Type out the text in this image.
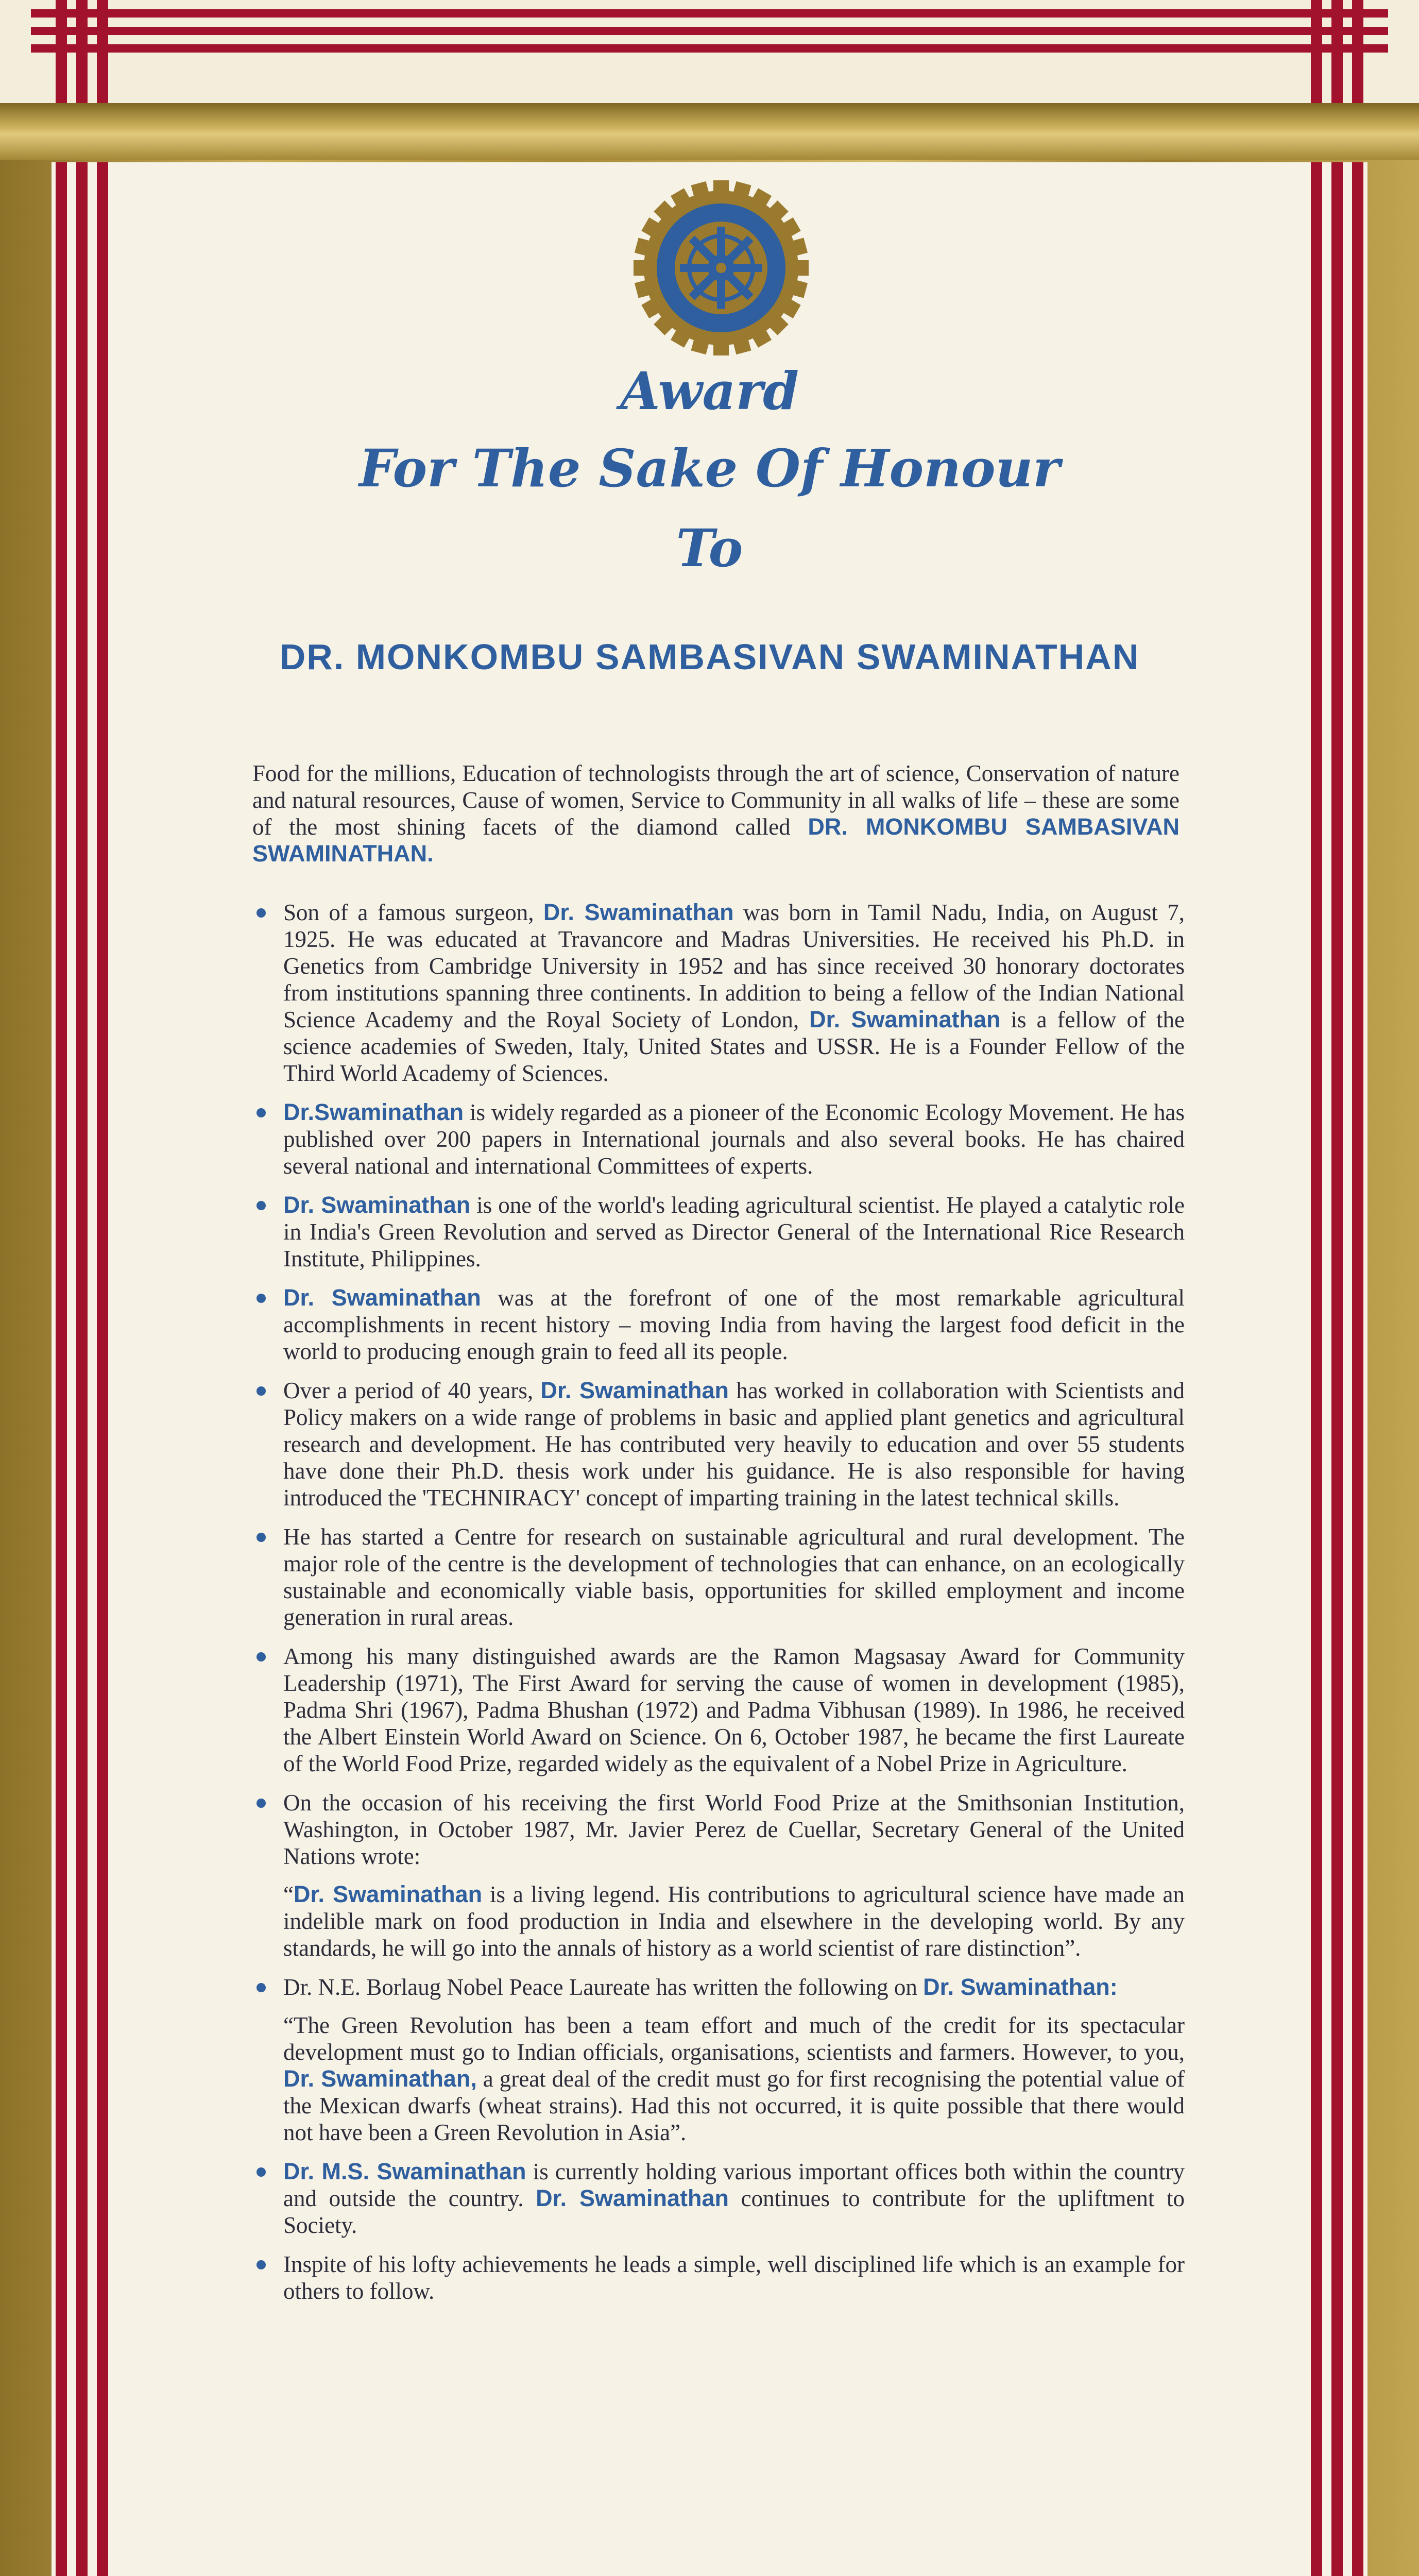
Award

For The Sake Of Honour

To

DR. MONKOMBU SAMBASIVAN SWAMINATHAN

Food for the millions, Education of technologists through the art of science, Conservation of nature and natural resources, Cause of women, Service to Community in all walks of life – these are some of the most shining facets of the diamond called DR. MONKOMBU SAMBASIVAN SWAMINATHAN.

Son of a famous surgeon, Dr. Swaminathan was born in Tamil Nadu, India, on August 7, 1925. He was educated at Travancore and Madras Universities. He received his Ph.D. in Genetics from Cambridge University in 1952 and has since received 30 honorary doctorates from institutions spanning three continents. In addition to being a fellow of the Indian National Science Academy and the Royal Society of London, Dr. Swaminathan is a fellow of the science academies of Sweden, Italy, United States and USSR. He is a Founder Fellow of the Third World Academy of Sciences.
Dr.Swaminathan is widely regarded as a pioneer of the Economic Ecology Movement. He has published over 200 papers in International journals and also several books. He has chaired several national and international Committees of experts.
Dr. Swaminathan is one of the world's leading agricultural scientist. He played a catalytic role in India's Green Revolution and served as Director General of the International Rice Research Institute, Philippines.
Dr. Swaminathan was at the forefront of one of the most remarkable agricultural accomplishments in recent history – moving India from having the largest food deficit in the world to producing enough grain to feed all its people.
Over a period of 40 years, Dr. Swaminathan has worked in collaboration with Scientists and Policy makers on a wide range of problems in basic and applied plant genetics and agricultural research and development. He has contributed very heavily to education and over 55 students have done their Ph.D. thesis work under his guidance. He is also responsible for having introduced the 'TECHNIRACY' concept of imparting training in the latest technical skills.
He has started a Centre for research on sustainable agricultural and rural development. The major role of the centre is the development of technologies that can enhance, on an ecologically sustainable and economically viable basis, opportunities for skilled employment and income generation in rural areas.
Among his many distinguished awards are the Ramon Magsasay Award for Community Leadership (1971), The First Award for serving the cause of women in development (1985), Padma Shri (1967), Padma Bhushan (1972) and Padma Vibhusan (1989). In 1986, he received the Albert Einstein World Award on Science. On 6, October 1987, he became the first Laureate of the World Food Prize, regarded widely as the equivalent of a Nobel Prize in Agriculture.
On the occasion of his receiving the first World Food Prize at the Smithsonian Institution, Washington, in October 1987, Mr. Javier Perez de Cuellar, Secretary General of the United Nations wrote:
“Dr. Swaminathan is a living legend. His contributions to agricultural science have made an indelible mark on food production in India and elsewhere in the developing world. By any standards, he will go into the annals of history as a world scientist of rare distinction”.
Dr. N.E. Borlaug Nobel Peace Laureate has written the following on Dr. Swaminathan:
“The Green Revolution has been a team effort and much of the credit for its spectacular development must go to Indian officials, organisations, scientists and farmers. However, to you, Dr. Swaminathan, a great deal of the credit must go for first recognising the potential value of the Mexican dwarfs (wheat strains). Had this not occurred, it is quite possible that there would not have been a Green Revolution in Asia”.
Dr. M.S. Swaminathan is currently holding various important offices both within the country and outside the country. Dr. Swaminathan continues to contribute for the upliftment to Society.
Inspite of his lofty achievements he leads a simple, well disciplined life which is an example for others to follow.
